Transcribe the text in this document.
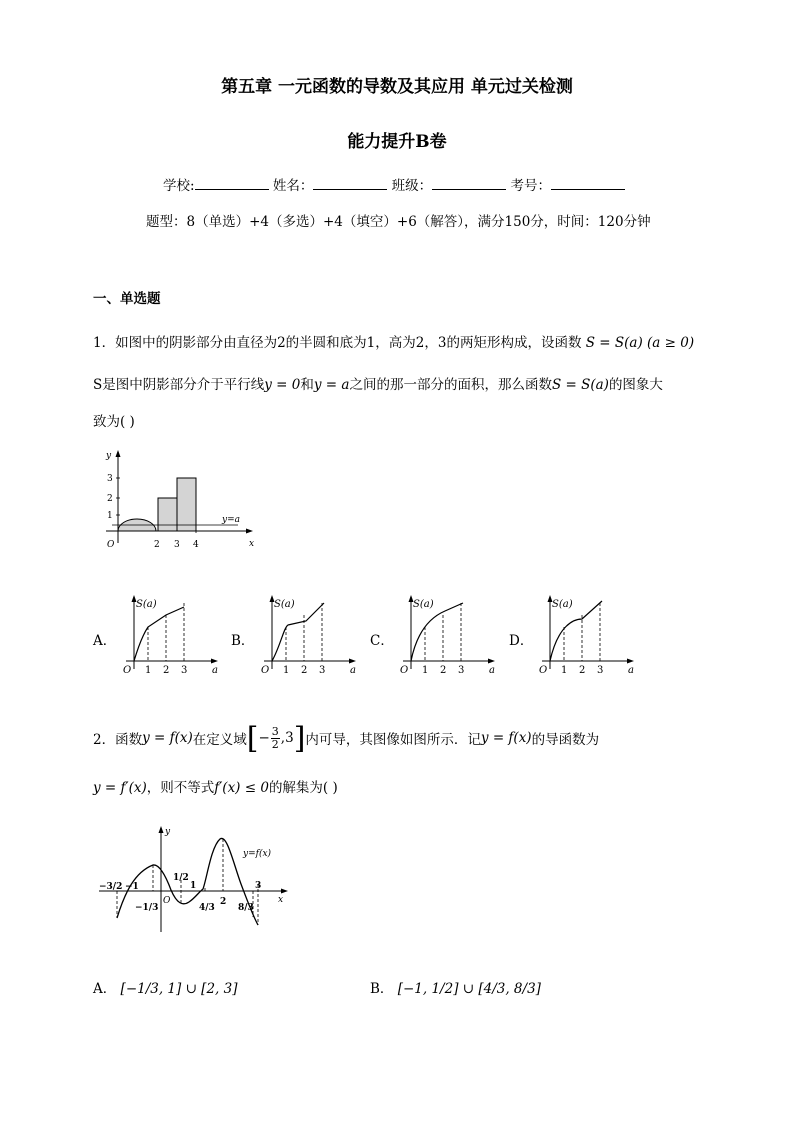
第五章 一元函数的导数及其应用 单元过关检测
能力提升B卷
学校:	姓名：	班级：	考号：
题型：8（单选）+4（多选）+4（填空）+6（解答），满分150分，时间：120分钟
一、单选题
1．如图中的阴影部分由直径为2的半圆和底为1，高为2，3的两矩形构成，设函数 S = S(a) (a ≥ 0)
S是图中阴影部分介于平行线y = 0和y = a之间的那一部分的面积，那么函数S = S(a)的图象大
致为( )
y
x
O
y=a
3
2
1
2 3 4
A．
S(a)
O	a
1 2 3
B．
S(a)
O	a
1 2 3
C．
S(a)
O	a
1 2 3
D．
S(a)
O	a
1 2 3
2．函数 y = f(x) 在定义域 [ − $\frac{3}{2} ,3$ ] 内可导，其图像如图所示．记 y = f(x) 的导函数为
y = f′(x)，则不等式f′(x) ≤ 0的解集为( )
y
x
y=f(x)
O
−3/2 −1
−1/3
1/2
1
4/3
2
8/3
3
A． [−1/3, 1] ∪ [2, 3]	B． [−1, 1/2] ∪ [4/3, 8/3]
